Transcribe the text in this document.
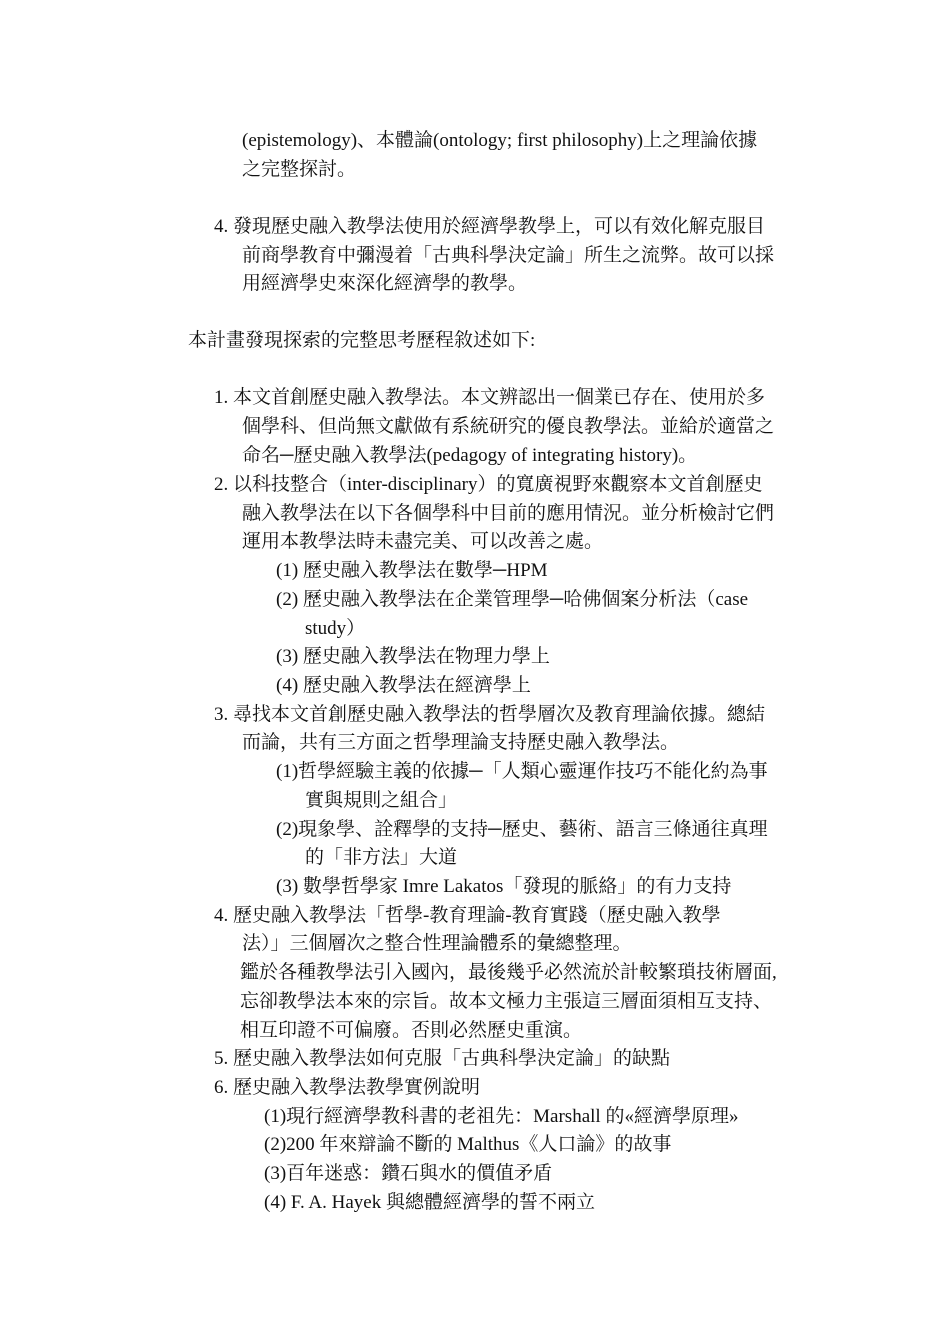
(epistemology)、本體論(ontology; first philosophy)上之理論依據
之完整探討。
4. 發現歷史融入教學法使用於經濟學教學上，可以有效化解克服目
前商學教育中彌漫着「古典科學決定論」所生之流弊。故可以採
用經濟學史來深化經濟學的教學。
本計畫發現探索的完整思考歷程敘述如下:
1. 本文首創歷史融入教學法。本文辨認出一個業已存在、使用於多
個學科、但尚無文獻做有系統研究的優良教學法。並給於適當之
命名─歷史融入教學法(pedagogy of integrating history)。
2. 以科技整合（inter-disciplinary）的寬廣視野來觀察本文首創歷史
融入教學法在以下各個學科中目前的應用情況。並分析檢討它們
運用本教學法時未盡完美、可以改善之處。
(1) 歷史融入教學法在數學─HPM
(2) 歷史融入教學法在企業管理學─哈佛個案分析法（case
study）
(3) 歷史融入教學法在物理力學上
(4) 歷史融入教學法在經濟學上
3. 尋找本文首創歷史融入教學法的哲學層次及教育理論依據。總結
而論，共有三方面之哲學理論支持歷史融入教學法。
(1)哲學經驗主義的依據─「人類心靈運作技巧不能化約為事
實與規則之組合」
(2)現象學、詮釋學的支持─歷史、藝術、語言三條通往真理
的「非方法」大道
(3) 數學哲學家 Imre Lakatos「發現的脈絡」的有力支持
4. 歷史融入教學法「哲學-教育理論-教育實踐（歷史融入教學
法）」三個層次之整合性理論體系的彙總整理。
鑑於各種教學法引入國內，最後幾乎必然流於計較繁瑣技術層面,
忘卻教學法本來的宗旨。故本文極力主張這三層面須相互支持、
相互印證不可偏廢。否則必然歷史重演。
5. 歷史融入教學法如何克服「古典科學決定論」的缺點
6. 歷史融入教學法教學實例說明
(1)現行經濟學教科書的老祖先：Marshall 的«經濟學原理»
(2)200 年來辯論不斷的 Malthus《人口論》的故事
(3)百年迷惑：鑽石與水的價值矛盾
(4) F. A. Hayek 與總體經濟學的誓不兩立
